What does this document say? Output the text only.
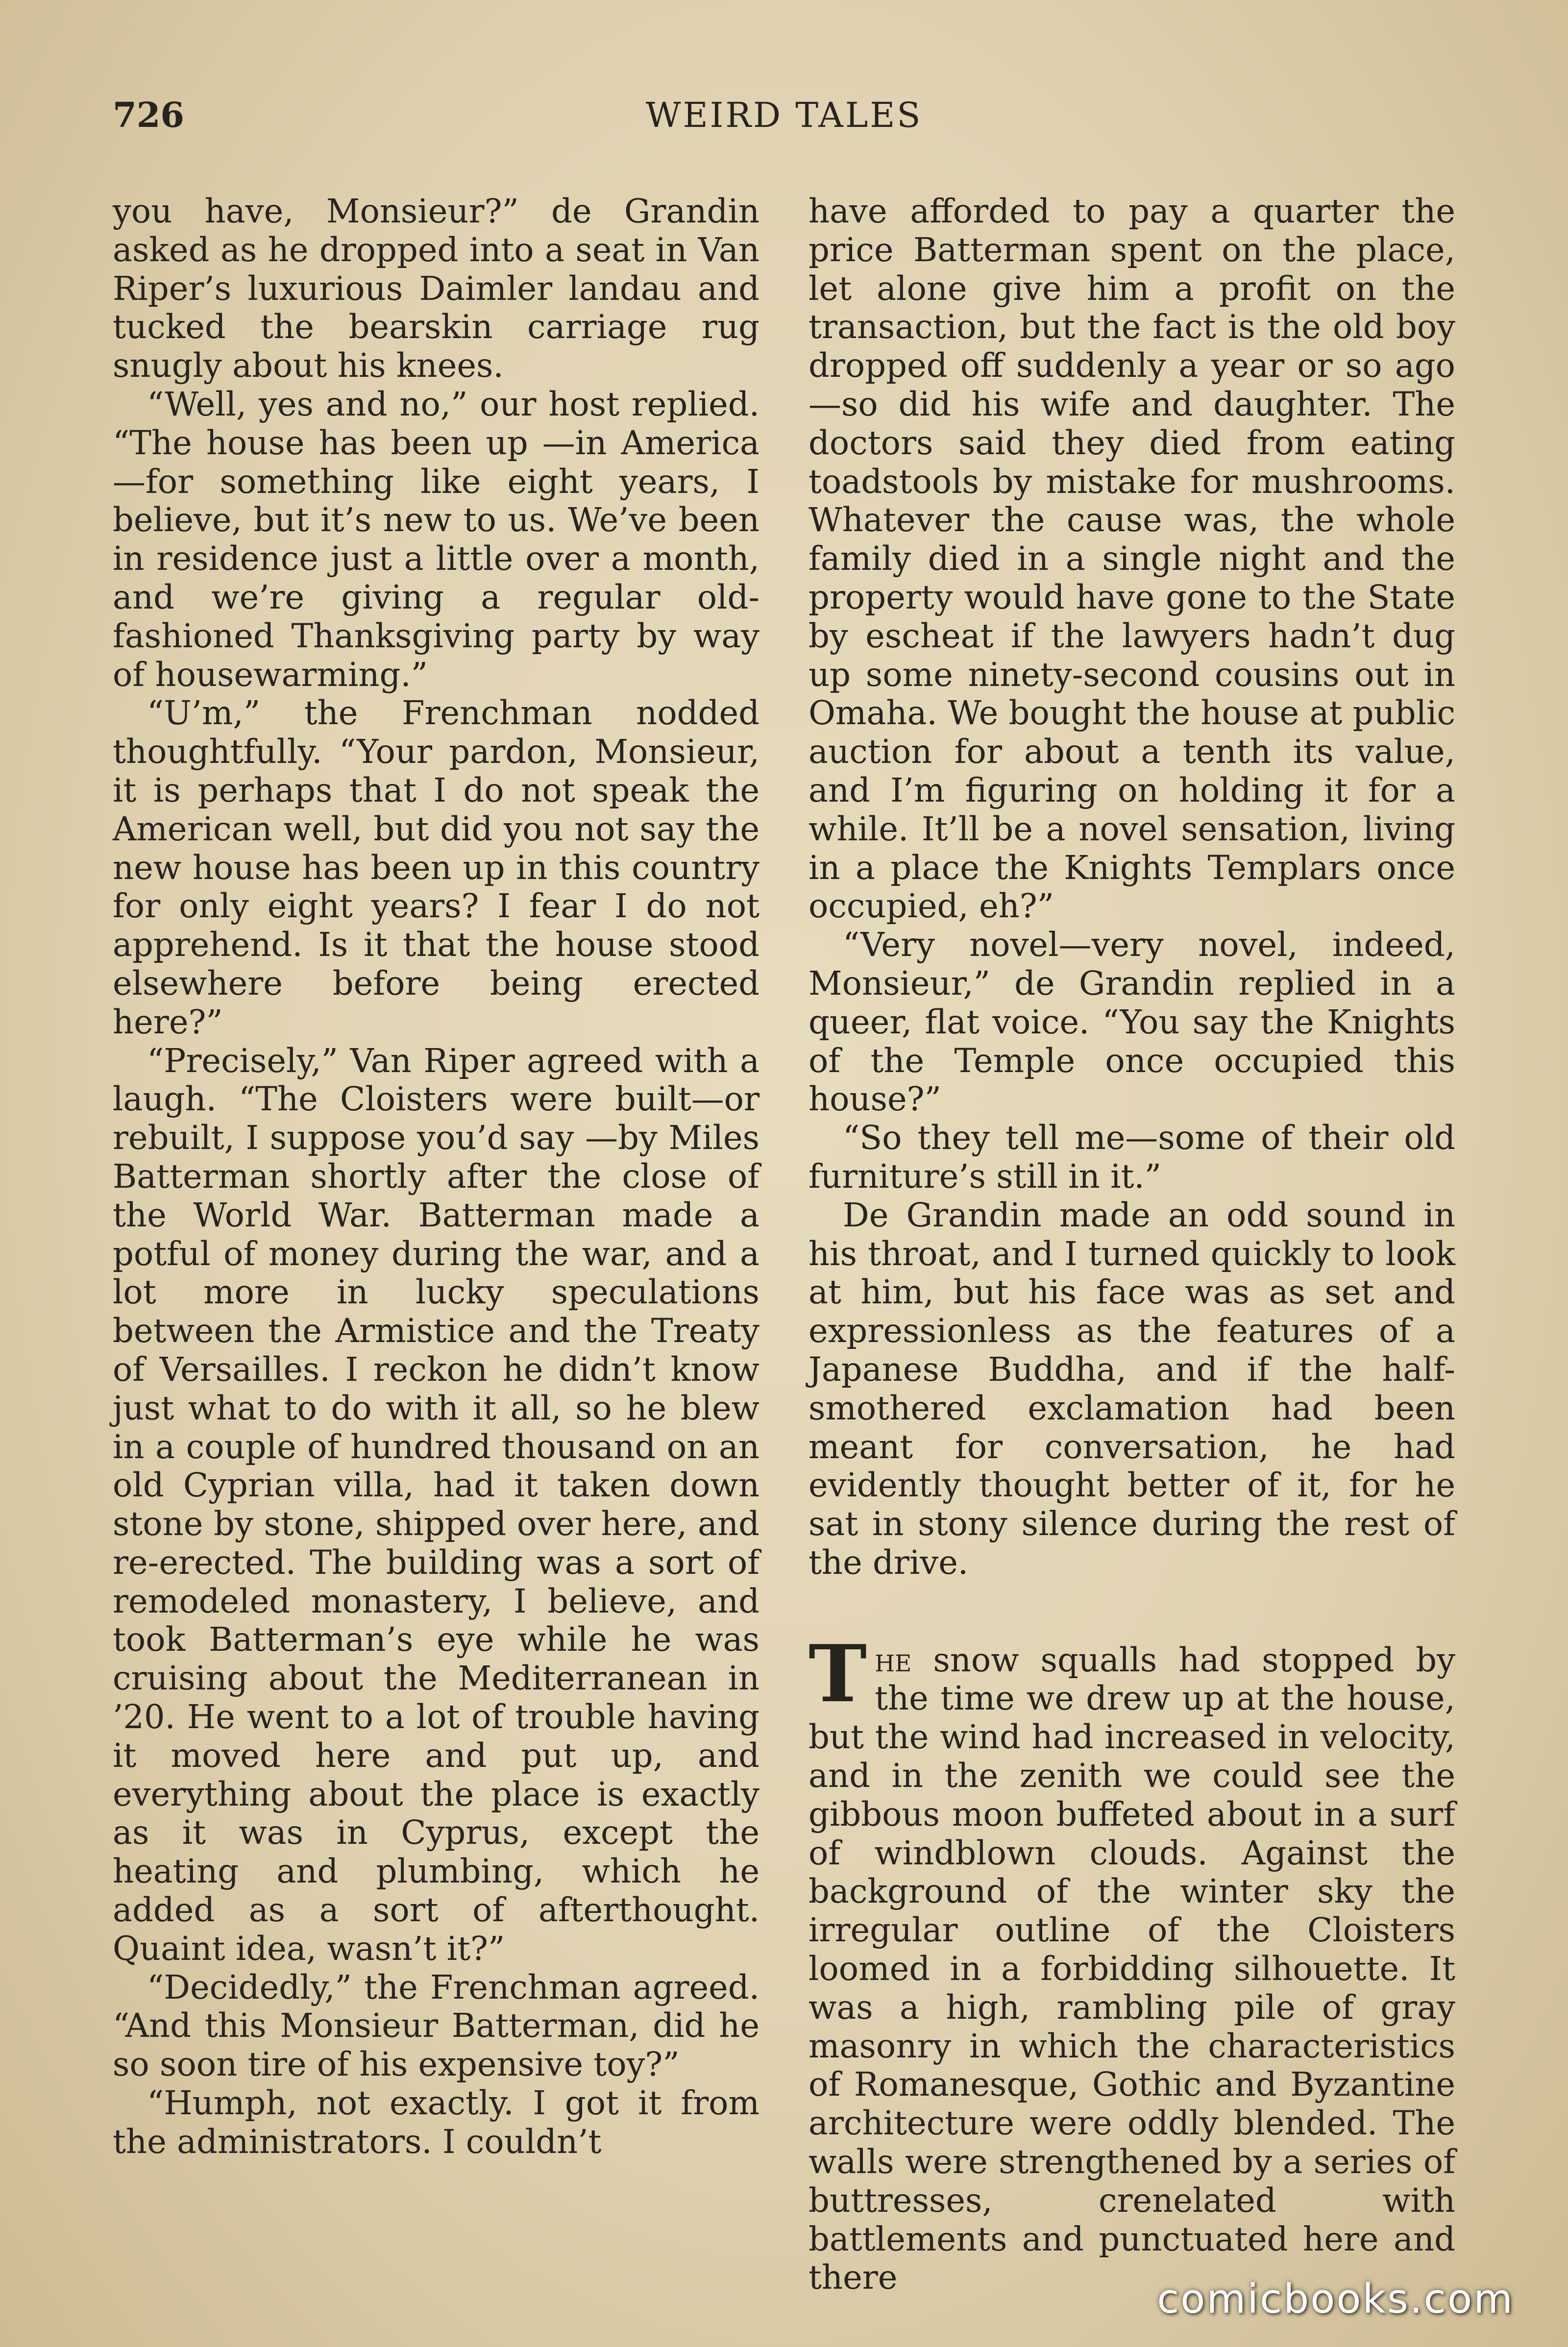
726	WEIRD TALES

you have, Monsieur?” de Grandin asked as he dropped into a seat in Van Riper’s luxurious Daimler landau and tucked the bearskin carriage rug snugly about his knees.

“Well, yes and no,” our host replied. “The house has been up —in America—for something like eight years, I believe, but it’s new to us. We’ve been in residence just a little over a month, and we’re giving a regular old-fashioned Thanksgiving party by way of housewarming.”

“U’m,” the Frenchman nodded thoughtfully. “Your pardon, Monsieur, it is perhaps that I do not speak the American well, but did you not say the new house has been up in this country for only eight years? I fear I do not apprehend. Is it that the house stood elsewhere before being erected here?”

“Precisely,” Van Riper agreed with a laugh. “The Cloisters were built—or rebuilt, I suppose you’d say —by Miles Batterman shortly after the close of the World War. Batterman made a potful of money during the war, and a lot more in lucky speculations between the Armistice and the Treaty of Versailles. I reckon he didn’t know just what to do with it all, so he blew in a couple of hundred thousand on an old Cyprian villa, had it taken down stone by stone, shipped over here, and re-erected. The building was a sort of remodeled monastery, I believe, and took Batterman’s eye while he was cruising about the Mediterranean in ’20. He went to a lot of trouble having it moved here and put up, and everything about the place is exactly as it was in Cyprus, except the heating and plumbing, which he added as a sort of afterthought. Quaint idea, wasn’t it?”

“Decidedly,” the Frenchman agreed. “And this Monsieur Batterman, did he so soon tire of his expensive toy?”

“Humph, not exactly. I got it from the administrators. I couldn’t

have afforded to pay a quarter the price Batterman spent on the place, let alone give him a profit on the transaction, but the fact is the old boy dropped off suddenly a year or so ago—so did his wife and daughter. The doctors said they died from eating toadstools by mistake for mushrooms. Whatever the cause was, the whole family died in a single night and the property would have gone to the State by escheat if the lawyers hadn’t dug up some ninety-second cousins out in Omaha. We bought the house at public auction for about a tenth its value, and I’m figuring on holding it for a while. It’ll be a novel sensation, living in a place the Knights Templars once occupied, eh?”

“Very novel—very novel, indeed, Monsieur,” de Grandin replied in a queer, flat voice. “You say the Knights of the Temple once occupied this house?”

“So they tell me—some of their old furniture’s still in it.”

De Grandin made an odd sound in his throat, and I turned quickly to look at him, but his face was as set and expressionless as the features of a Japanese Buddha, and if the half-smothered exclamation had been meant for conversation, he had evidently thought better of it, for he sat in stony silence during the rest of the drive.

The snow squalls had stopped by the time we drew up at the house, but the wind had increased in velocity, and in the zenith we could see the gibbous moon buffeted about in a surf of windblown clouds. Against the background of the winter sky the irregular outline of the Cloisters loomed in a forbidding silhouette. It was a high, rambling pile of gray masonry in which the characteristics of Romanesque, Gothic and Byzantine architecture were oddly blended. The walls were strengthened by a series of buttresses, crenelated with battlements and punctuated here and there	comicbooks.com
